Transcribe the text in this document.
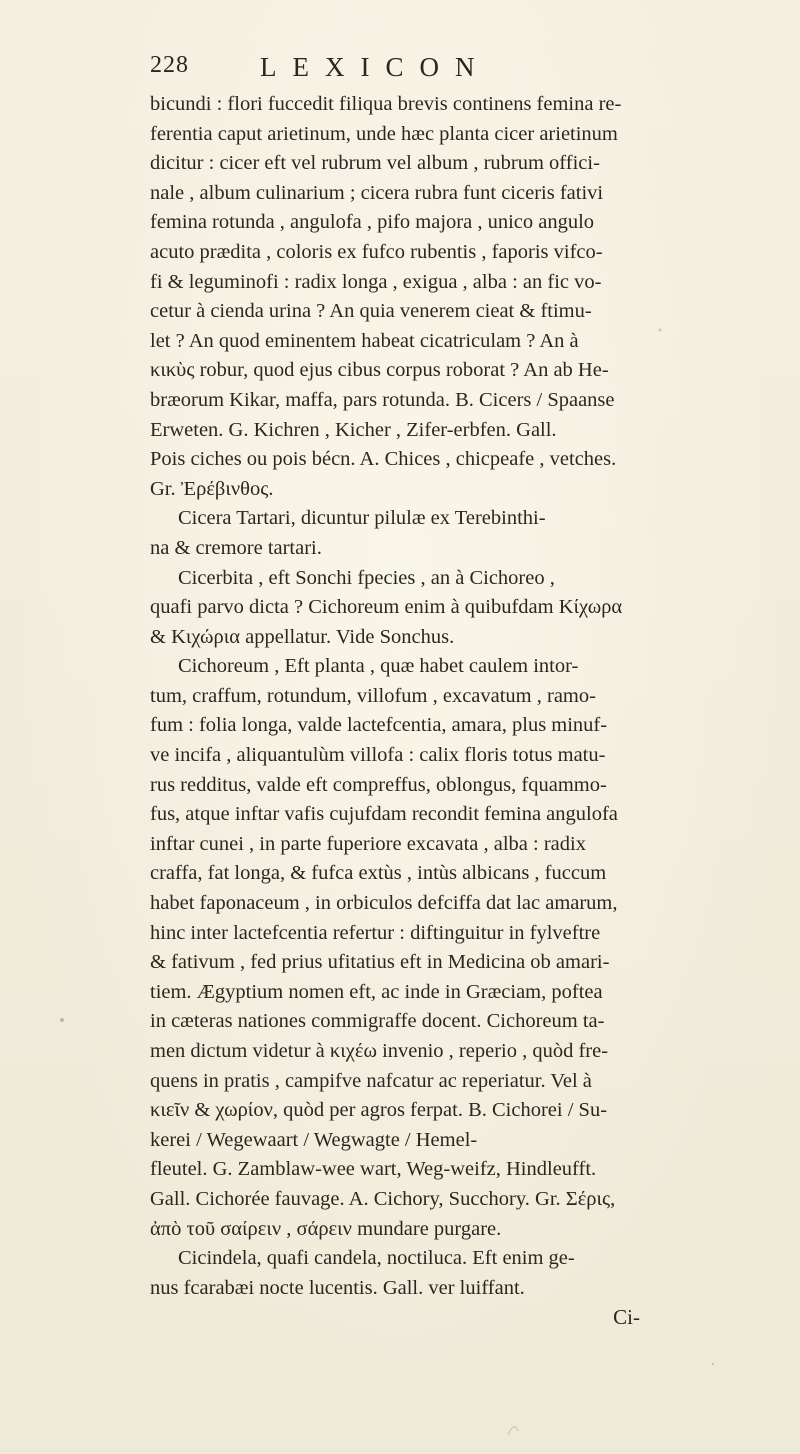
228	LEXICON
bicundi : flori fuccedit filiqua brevis continens femina re-
ferentia caput arietinum, unde hæc planta cicer arietinum
dicitur : cicer eft vel rubrum vel album , rubrum offici-
nale , album culinarium ; cicera rubra funt ciceris fativi
femina rotunda , angulofa , pifo majora , unico angulo
acuto prædita , coloris ex fufco rubentis , faporis vifco-
fi & leguminofi : radix longa , exigua , alba : an fic vo-
cetur à cienda urina ? An quia venerem cieat & ftimu-
let ? An quod eminentem habeat cicatriculam ? An à
κικὺς robur, quod ejus cibus corpus roborat ? An ab He-
bræorum Kikar, maffa, pars rotunda. B. Cicers / Spaanse
Erweten. G. Kichren , Kicher , Zifer-erbfen. Gall.
Pois ciches ou pois bécn. A. Chices , chicpeafe , vetches.
Gr. Ἐρέβινθος.
Cicera Tartari, dicuntur pilulæ ex Terebinthi-
na & cremore tartari.
Cicerbita , eft Sonchi fpecies , an à Cichoreo ,
quafi parvo dicta ? Cichoreum enim à quibufdam Κίχωρα
& Κιχώρια appellatur. Vide Sonchus.
Cichoreum , Eft planta , quæ habet caulem intor-
tum, craffum, rotundum, villofum , excavatum , ramo-
fum : folia longa, valde lactefcentia, amara, plus minuf-
ve incifa , aliquantulùm villofa : calix floris totus matu-
rus redditus, valde eft compreffus, oblongus, fquammo-
fus, atque inftar vafis cujufdam recondit femina angulofa
inftar cunei , in parte fuperiore excavata , alba : radix
craffa, fat longa, & fufca extùs , intùs albicans , fuccum
habet faponaceum , in orbiculos defciffa dat lac amarum,
hinc inter lactefcentia refertur : diftinguitur in fylveftre
& fativum , fed prius ufitatius eft in Medicina ob amari-
tiem. Ægyptium nomen eft, ac inde in Græciam, poftea
in cæteras nationes commigraffe docent. Cichoreum ta-
men dictum videtur à κιχέω invenio , reperio , quòd fre-
quens in pratis , campifve nafcatur ac reperiatur. Vel à
κιεῖν & χωρίον, quòd per agros ferpat. B. Cichorei / Su-
kerei / Wegewaart / Wegwagte / Hemel-
fleutel. G. Zamblaw-wee wart, Weg-weifz, Hindleufft.
Gall. Cichorée fauvage. A. Cichory, Succhory. Gr. Σέρις,
ἀπὸ τοῦ σαίρειν , σάρειν mundare purgare.
Cicindela, quafi candela, noctiluca. Eft enim ge-
nus fcarabæi nocte lucentis. Gall. ver luiffant.
Ci-
